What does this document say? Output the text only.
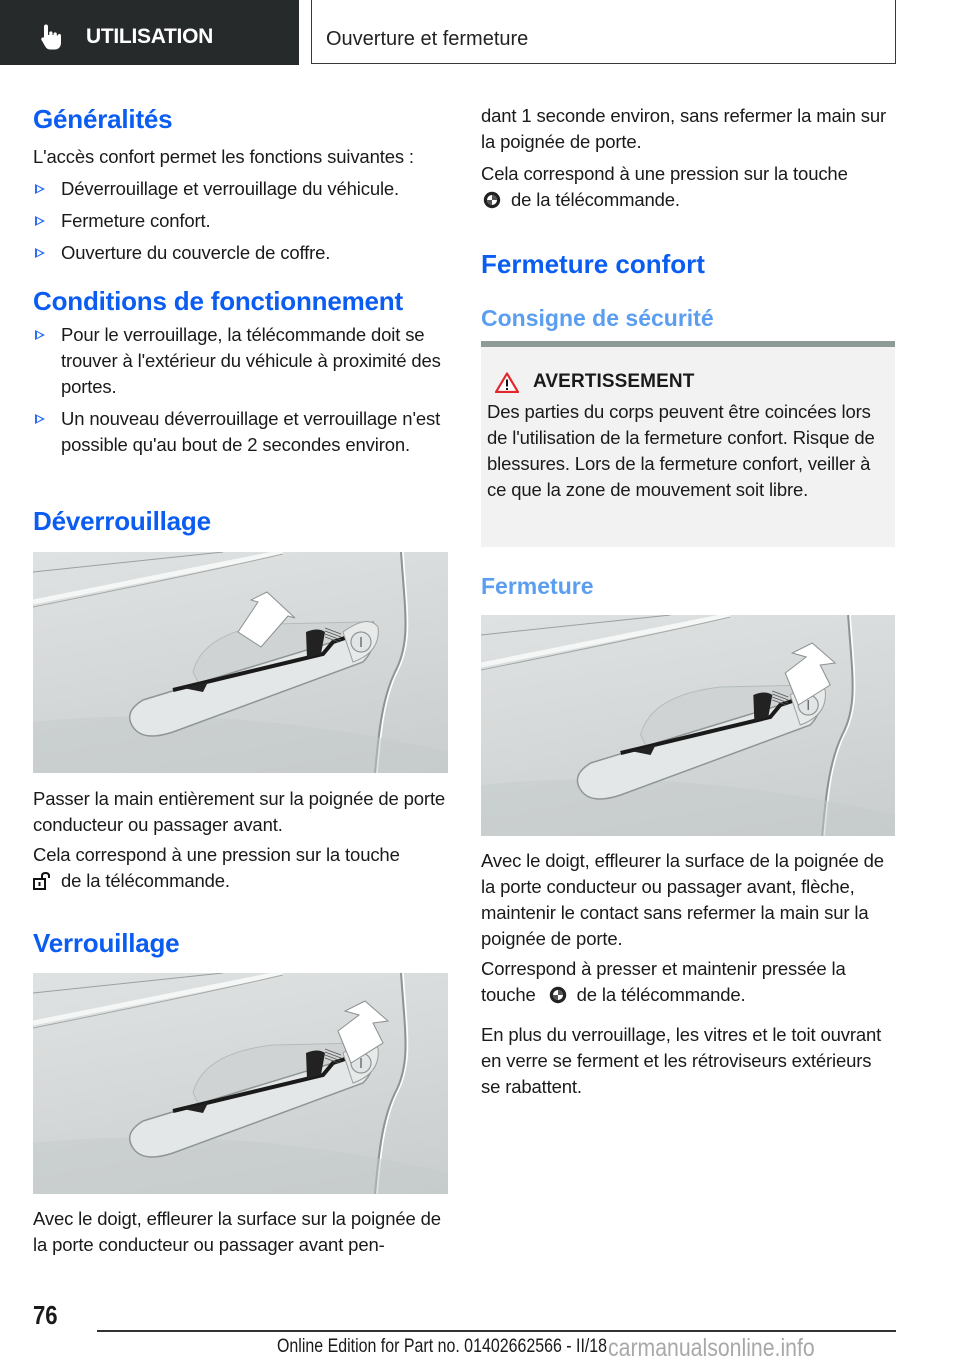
UTILISATION	Ouverture et fermeture
Généralités

L'accès confort permet les fonctions suivantes :

Déverrouillage et verrouillage du véhicule.
Fermeture confort.
Ouverture du couvercle de coffre.
Conditions de fonctionnement
Pour le verrouillage, la télécommande doit se trouver à l'extérieur du véhicule à proximité des portes.
Un nouveau déverrouillage et verrouillage n'est possible qu'au bout de 2 secondes environ.
Déverrouillage

Passer la main entièrement sur la poignée de porte conducteur ou passager avant.

Cela correspond à une pression sur la touche
de la télécommande.

Verrouillage

Avec le doigt, effleurer la surface sur la poignée de la porte conducteur ou passager avant pen-

dant 1 seconde environ, sans refermer la main sur la poignée de porte.

Cela correspond à une pression sur la touche
de la télécommande.

Fermeture confort
Consigne de sécurité
AVERTISSEMENT

Des parties du corps peuvent être coincées lors de l'utilisation de la fermeture confort. Risque de blessures. Lors de la fermeture confort, veiller à ce que la zone de mouvement soit libre.

Fermeture

Avec le doigt, effleurer la surface de la poignée de la porte conducteur ou passager avant, flèche, maintenir le contact sans refermer la main sur la poignée de porte.

Correspond à presser et maintenir pressée la touche de la télécommande.

En plus du verrouillage, les vitres et le toit ouvrant en verre se ferment et les rétroviseurs extérieurs se rabattent.

76
Online Edition for Part no. 01402662566 - II/18 carmanualsonline.info
